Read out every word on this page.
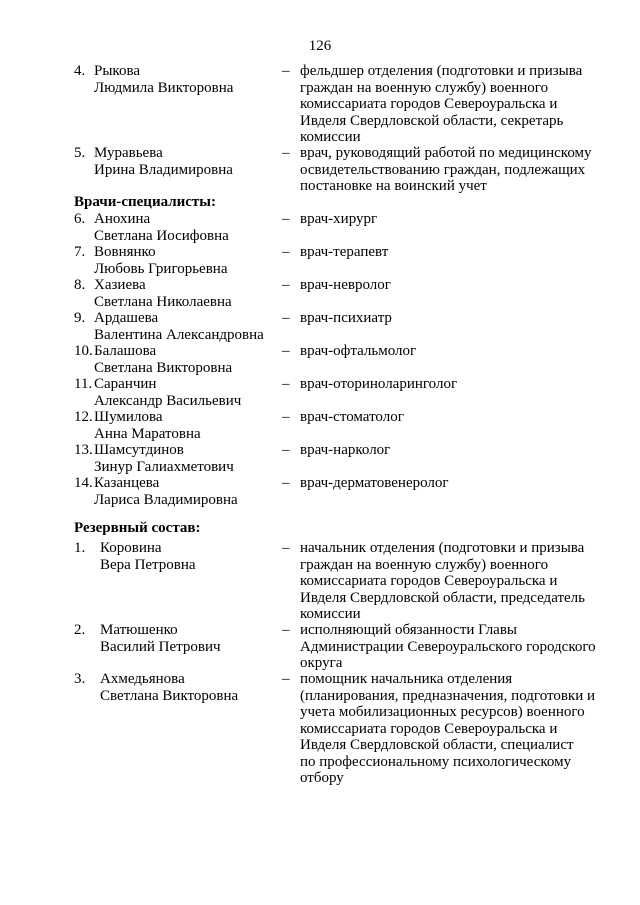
126
4. Рыкова
Людмила Викторовна
– фельдшер отделения (подготовки и призыва
граждан на военную службу) военного
комиссариата городов Североуральска и
Ивделя Свердловской области, секретарь
комиссии
5. Муравьева
Ирина Владимировна
– врач, руководящий работой по медицинскому
освидетельствованию граждан, подлежащих
постановке на воинский учет
Врачи-специалисты:
6. Анохина
Светлана Иосифовна
– врач-хирург
7. Вовнянко
Любовь Григорьевна
– врач-терапевт
8. Хазиева
Светлана Николаевна
– врач-невролог
9. Ардашева
Валентина Александровна
– врач-психиатр
10. Балашова
Светлана Викторовна
– врач-офтальмолог
11. Саранчин
Александр Васильевич
– врач-оториноларинголог
12. Шумилова
Анна Маратовна
– врач-стоматолог
13. Шамсутдинов
Зинур Галиахметович
– врач-нарколог
14. Казанцева
Лариса Владимировна
– врач-дерматовенеролог
Резервный состав:
1. Коровина
Вера Петровна
– начальник отделения (подготовки и призыва
граждан на военную службу) военного
комиссариата городов Североуральска и
Ивделя Свердловской области, председатель
комиссии
2. Матюшенко
Василий Петрович
– исполняющий обязанности Главы
Администрации Североуральского городского
округа
3. Ахмедьянова
Светлана Викторовна
– помощник начальника отделения
(планирования, предназначения, подготовки и
учета мобилизационных ресурсов) военного
комиссариата городов Североуральска и
Ивделя Свердловской области, специалист
по профессиональному психологическому
отбору
